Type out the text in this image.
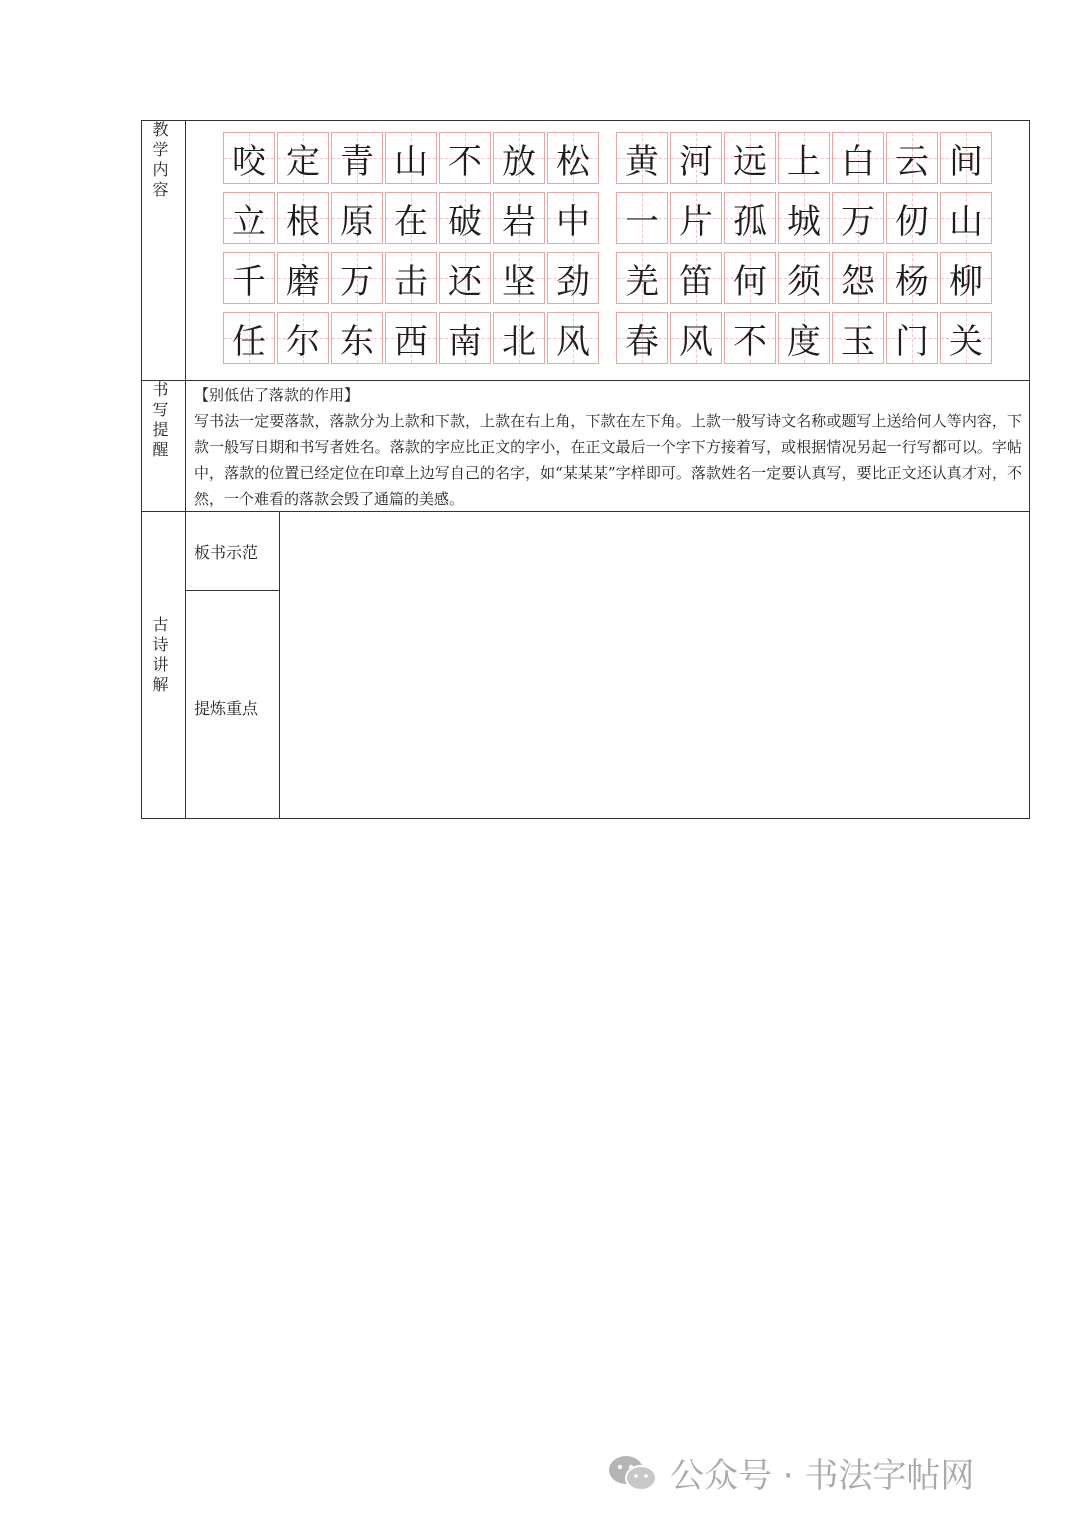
教学内容
书写提醒
古诗讲解
咬 定 青 山 不 放 松
立 根 原 在 破 岩 中
千 磨 万 击 还 坚 劲
任 尔 东 西 南 北 风
黄 河 远 上 白 云 间
一 片 孤 城 万 仞 山
羌 笛 何 须 怨 杨 柳
春 风 不 度 玉 门 关
【别低估了落款的作用】
写书法一定要落款，落款分为上款和下款，上款在右上角，下款在左下角。上款一般写诗文名称或题写上送给何人等内容，下款一般写日期和书写者姓名。落款的字应比正文的字小，在正文最后一个字下方接着写，或根据情况另起一行写都可以。字帖中，落款的位置已经定位在印章上边写自己的名字，如“某某某”字样即可。落款姓名一定要认真写，要比正文还认真才对，不然，一个难看的落款会毁了通篇的美感。
板书示范
提炼重点
公众号 · 书法字帖网
